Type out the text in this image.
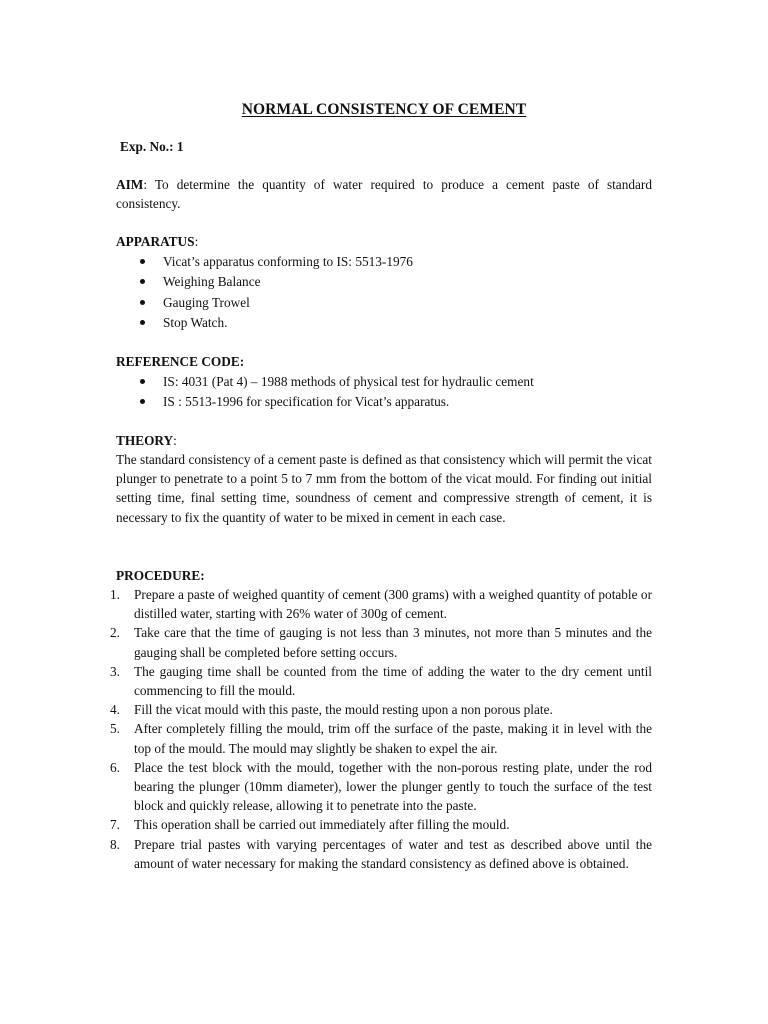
NORMAL CONSISTENCY OF CEMENT
Exp. No.: 1
AIM: To determine the quantity of water required to produce a cement paste of standard consistency.
APPARATUS:
Vicat’s apparatus conforming to IS: 5513-1976
Weighing Balance
Gauging Trowel
Stop Watch.
REFERENCE CODE:
IS: 4031 (Pat 4) – 1988 methods of physical test for hydraulic cement
IS : 5513-1996 for specification for Vicat’s apparatus.
THEORY:
The standard consistency of a cement paste is defined as that consistency which will permit the vicat plunger to penetrate to a point 5 to 7 mm from the bottom of the vicat mould. For finding out initial setting time, final setting time, soundness of cement and compressive strength of cement, it is necessary to fix the quantity of water to be mixed in cement in each case.
PROCEDURE:
1. Prepare a paste of weighed quantity of cement (300 grams) with a weighed quantity of potable or distilled water, starting with 26% water of 300g of cement.
2. Take care that the time of gauging is not less than 3 minutes, not more than 5 minutes and the gauging shall be completed before setting occurs.
3. The gauging time shall be counted from the time of adding the water to the dry cement until commencing to fill the mould.
4. Fill the vicat mould with this paste, the mould resting upon a non porous plate.
5. After completely filling the mould, trim off the surface of the paste, making it in level with the top of the mould. The mould may slightly be shaken to expel the air.
6. Place the test block with the mould, together with the non-porous resting plate, under the rod bearing the plunger (10mm diameter), lower the plunger gently to touch the surface of the test block and quickly release, allowing it to penetrate into the paste.
7. This operation shall be carried out immediately after filling the mould.
8. Prepare trial pastes with varying percentages of water and test as described above until the amount of water necessary for making the standard consistency as defined above is obtained.
